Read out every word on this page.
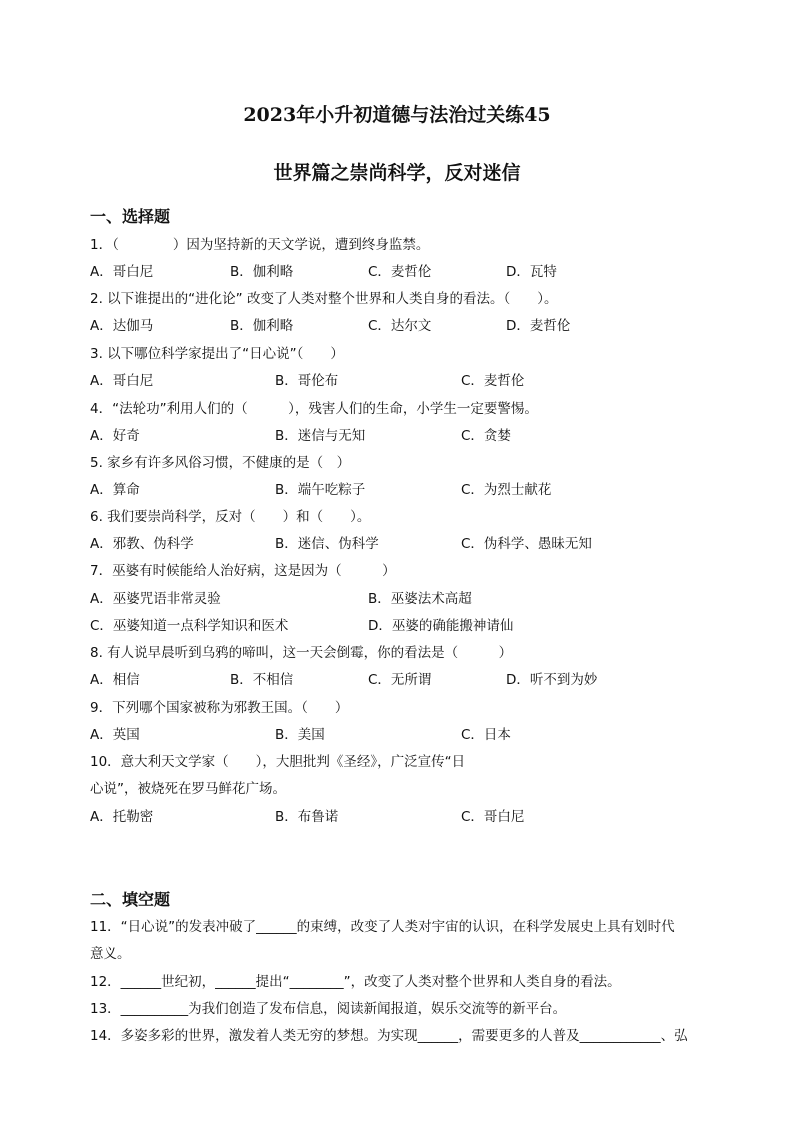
2023年小升初道德与法治过关练45
世界篇之崇尚科学，反对迷信
一、选择题
1．（　　　　）因为坚持新的天文学说，遭到终身监禁。
A．哥白尼	B．伽利略	C．麦哲伦	D．瓦特
2. 以下谁提出的“进化论” 改变了人类对整个世界和人类自身的看法。（　　）。
A．达伽马	B．伽利略	C．达尔文	D．麦哲伦
3. 以下哪位科学家提出了“日心说”（　　）
A．哥白尼	B．哥伦布	C．麦哲伦
4．“法轮功”利用人们的（　　　），残害人们的生命，小学生一定要警惕。
A．好奇	B．迷信与无知	C．贪婪
5. 家乡有许多风俗习惯，不健康的是（　）
A．算命	B．端午吃粽子	C．为烈士献花
6. 我们要崇尚科学，反对（　　）和（　　）。
A．邪教、伪科学	B．迷信、伪科学	C．伪科学、愚昧无知
7．巫婆有时候能给人治好病，这是因为（　　　）
A．巫婆咒语非常灵验	B．巫婆法术高超
C．巫婆知道一点科学知识和医术	D．巫婆的确能搬神请仙
8. 有人说早晨听到乌鸦的啼叫，这一天会倒霉，你的看法是（　　　）
A．相信	B．不相信	C．无所谓	D．听不到为妙
9．下列哪个国家被称为邪教王国。（　　）
A．英国	B．美国	C．日本
10．意大利天文学家（　　），大胆批判《圣经》，广泛宣传“日
心说”，被烧死在罗马鲜花广场。
A．托勒密	B．布鲁诺	C．哥白尼
二、填空题
11．“日心说”的发表冲破了______的束缚，改变了人类对宇宙的认识，在科学发展史上具有划时代
意义。
12．______世纪初，______提出“________”，改变了人类对整个世界和人类自身的看法。
13．__________为我们创造了发布信息，阅读新闻报道，娱乐交流等的新平台。
14．多姿多彩的世界，激发着人类无穷的梦想。为实现______，需要更多的人普及____________、弘
